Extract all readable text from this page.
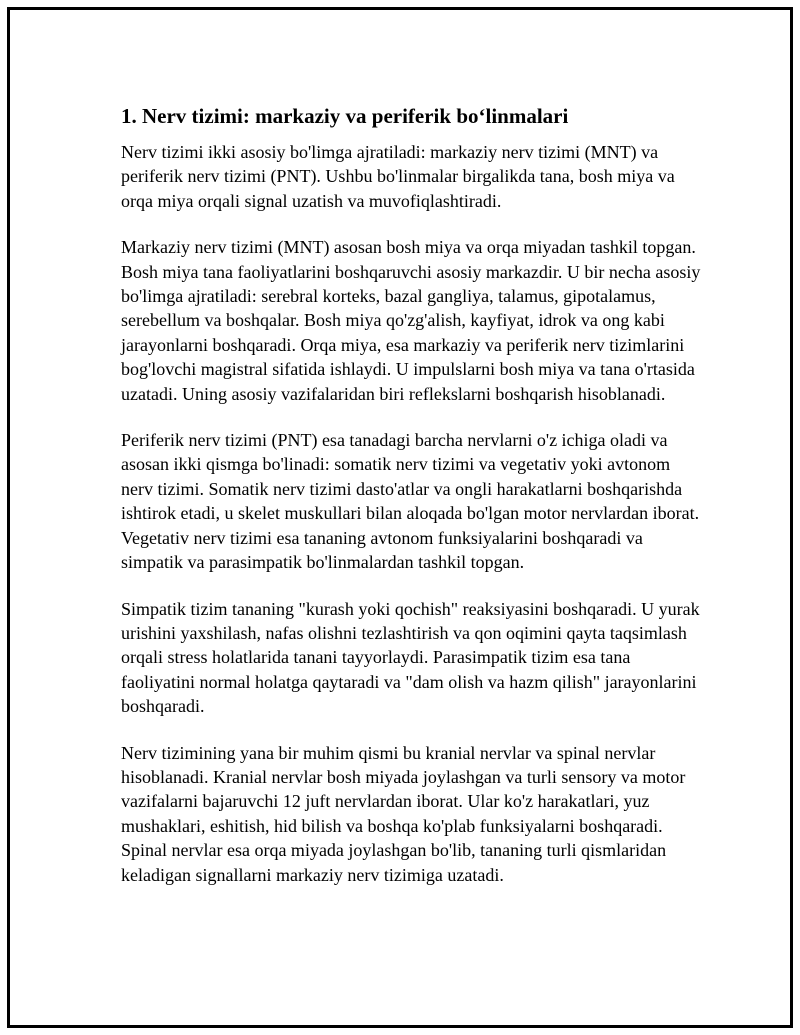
1. Nerv tizimi: markaziy va periferik bo‘linmalari

Nerv tizimi ikki asosiy bo'limga ajratiladi: markaziy nerv tizimi (MNT) va periferik nerv tizimi (PNT). Ushbu bo'linmalar birgalikda tana, bosh miya va orqa miya orqali signal uzatish va muvofiqlashtiradi.

Markaziy nerv tizimi (MNT) asosan bosh miya va orqa miyadan tashkil topgan. Bosh miya tana faoliyatlarini boshqaruvchi asosiy markazdir. U bir necha asosiy bo'limga ajratiladi: serebral korteks, bazal gangliya, talamus, gipotalamus, serebellum va boshqalar. Bosh miya qo'zg'alish, kayfiyat, idrok va ong kabi jarayonlarni boshqaradi. Orqa miya, esa markaziy va periferik nerv tizimlarini bog'lovchi magistral sifatida ishlaydi. U impulslarni bosh miya va tana o'rtasida uzatadi. Uning asosiy vazifalaridan biri reflekslarni boshqarish hisoblanadi.

Periferik nerv tizimi (PNT) esa tanadagi barcha nervlarni o'z ichiga oladi va asosan ikki qismga bo'linadi: somatik nerv tizimi va vegetativ yoki avtonom nerv tizimi. Somatik nerv tizimi dasto'atlar va ongli harakatlarni boshqarishda ishtirok etadi, u skelet muskullari bilan aloqada bo'lgan motor nervlardan iborat. Vegetativ nerv tizimi esa tananing avtonom funksiyalarini boshqaradi va simpatik va parasimpatik bo'linmalardan tashkil topgan.

Simpatik tizim tananing "kurash yoki qochish" reaksiyasini boshqaradi. U yurak urishini yaxshilash, nafas olishni tezlashtirish va qon oqimini qayta taqsimlash orqali stress holatlarida tanani tayyorlaydi. Parasimpatik tizim esa tana faoliyatini normal holatga qaytaradi va "dam olish va hazm qilish" jarayonlarini boshqaradi.

Nerv tizimining yana bir muhim qismi bu kranial nervlar va spinal nervlar hisoblanadi. Kranial nervlar bosh miyada joylashgan va turli sensory va motor vazifalarni bajaruvchi 12 juft nervlardan iborat. Ular ko'z harakatlari, yuz mushaklari, eshitish, hid bilish va boshqa ko'plab funksiyalarni boshqaradi. Spinal nervlar esa orqa miyada joylashgan bo'lib, tananing turli qismlaridan keladigan signallarni markaziy nerv tizimiga uzatadi.
